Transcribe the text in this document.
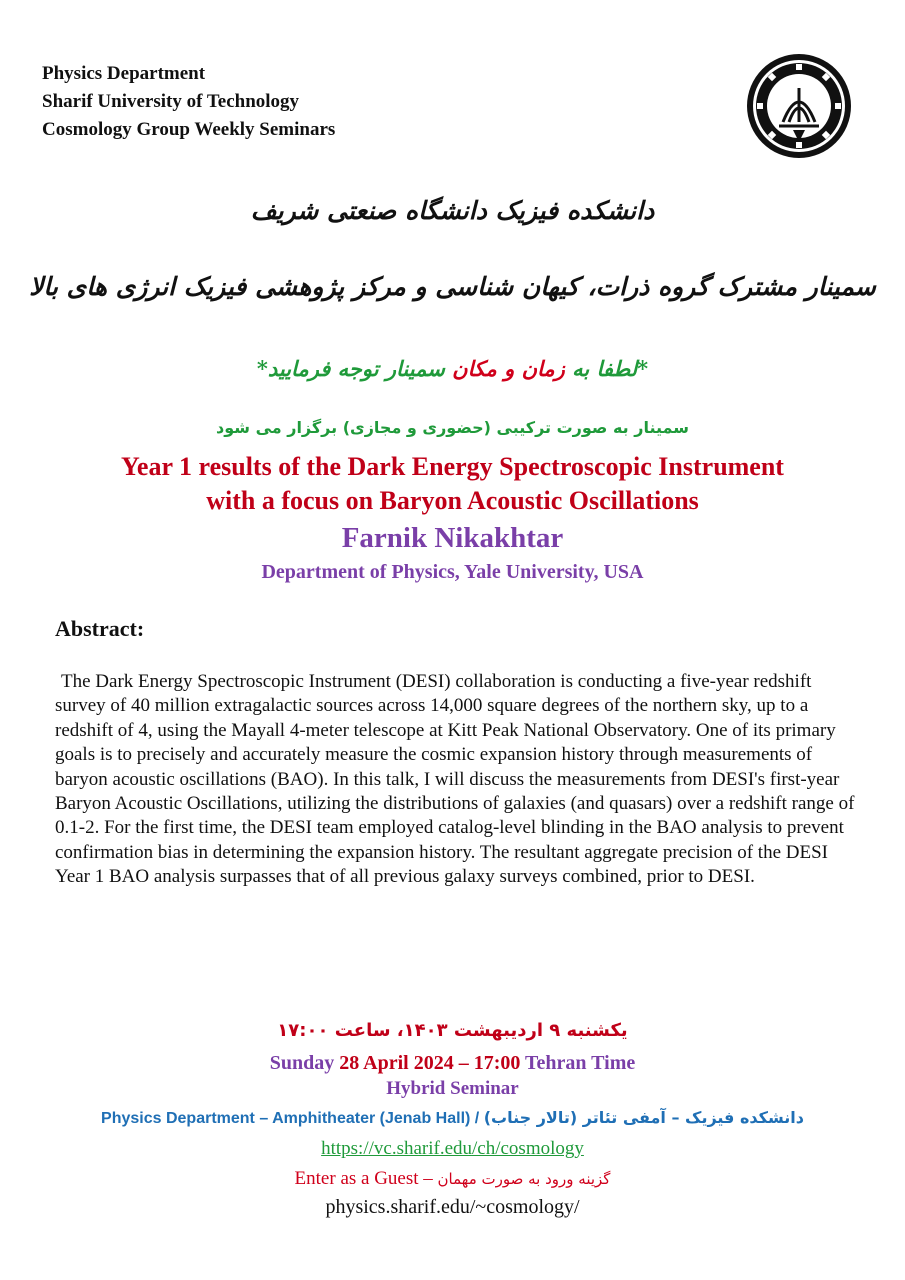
Physics Department
Sharif University of Technology
Cosmology Group Weekly Seminars
دانشکده فیزیک دانشگاه صنعتی شریف
سمینار مشترک گروه ذرات، کیهان شناسی و مرکز پژوهشی فیزیک انرژی های بالا
*لطفا به زمان و مکان سمینار توجه فرمایید*
سمینار به صورت ترکیبی (حضوری و مجازی) برگزار می شود
Year 1 results of the Dark Energy Spectroscopic Instrument
with a focus on Baryon Acoustic Oscillations
Farnik Nikakhtar
Department of Physics, Yale University, USA
Abstract:
The Dark Energy Spectroscopic Instrument (DESI) collaboration is conducting a five-year redshift survey of 40 million extragalactic sources across 14,000 square degrees of the northern sky, up to a redshift of 4, using the Mayall 4-meter telescope at Kitt Peak National Observatory. One of its primary goals is to precisely and accurately measure the cosmic expansion history through measurements of baryon acoustic oscillations (BAO). In this talk, I will discuss the measurements from DESI's first-year Baryon Acoustic Oscillations, utilizing the distributions of galaxies (and quasars) over a redshift range of 0.1-2. For the first time, the DESI team employed catalog-level blinding in the BAO analysis to prevent confirmation bias in determining the expansion history. The resultant aggregate precision of the DESI Year 1 BAO analysis surpasses that of all previous galaxy surveys combined, prior to DESI.
یکشنبه ۹ اردیبهشت ۱۴۰۳، ساعت ۱۷:۰۰
Sunday 28 April 2024 – 17:00 Tehran Time
Hybrid Seminar
Physics Department – Amphitheater (Jenab Hall) / دانشکده فیزیک – آمفی تئاتر (تالار جناب)
https://vc.sharif.edu/ch/cosmology
Enter as a Guest – گزینه ورود به صورت مهمان
physics.sharif.edu/~cosmology/
